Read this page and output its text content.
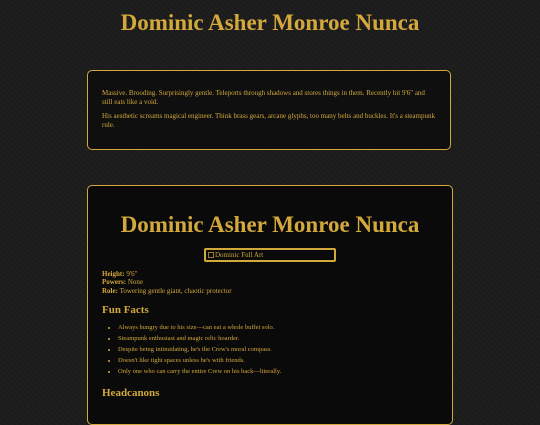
Dominic Asher Monroe Nunca

Massive. Brooding. Surprisingly gentle. Teleports through shadows and stores things in them. Recently hit 9'6" and still eats like a void.

His aesthetic screams magical engineer. Think brass gears, arcane glyphs, too many belts and buckles. It's a steampunk rule.

Dominic Asher Monroe Nunca
Dominic Full Art
Height: 9'6"
Powers: None
Role: Towering gentle giant, chaotic protector
Fun Facts
• Always hungry due to his size—can eat a whole buffet solo.
• Steampunk enthusiast and magic relic hoarder.
• Despite being intimidating, he's the Crew's moral compass.
• Doesn't like tight spaces unless he's with friends.
• Only one who can carry the entire Crew on his back—literally.
Headcanons
